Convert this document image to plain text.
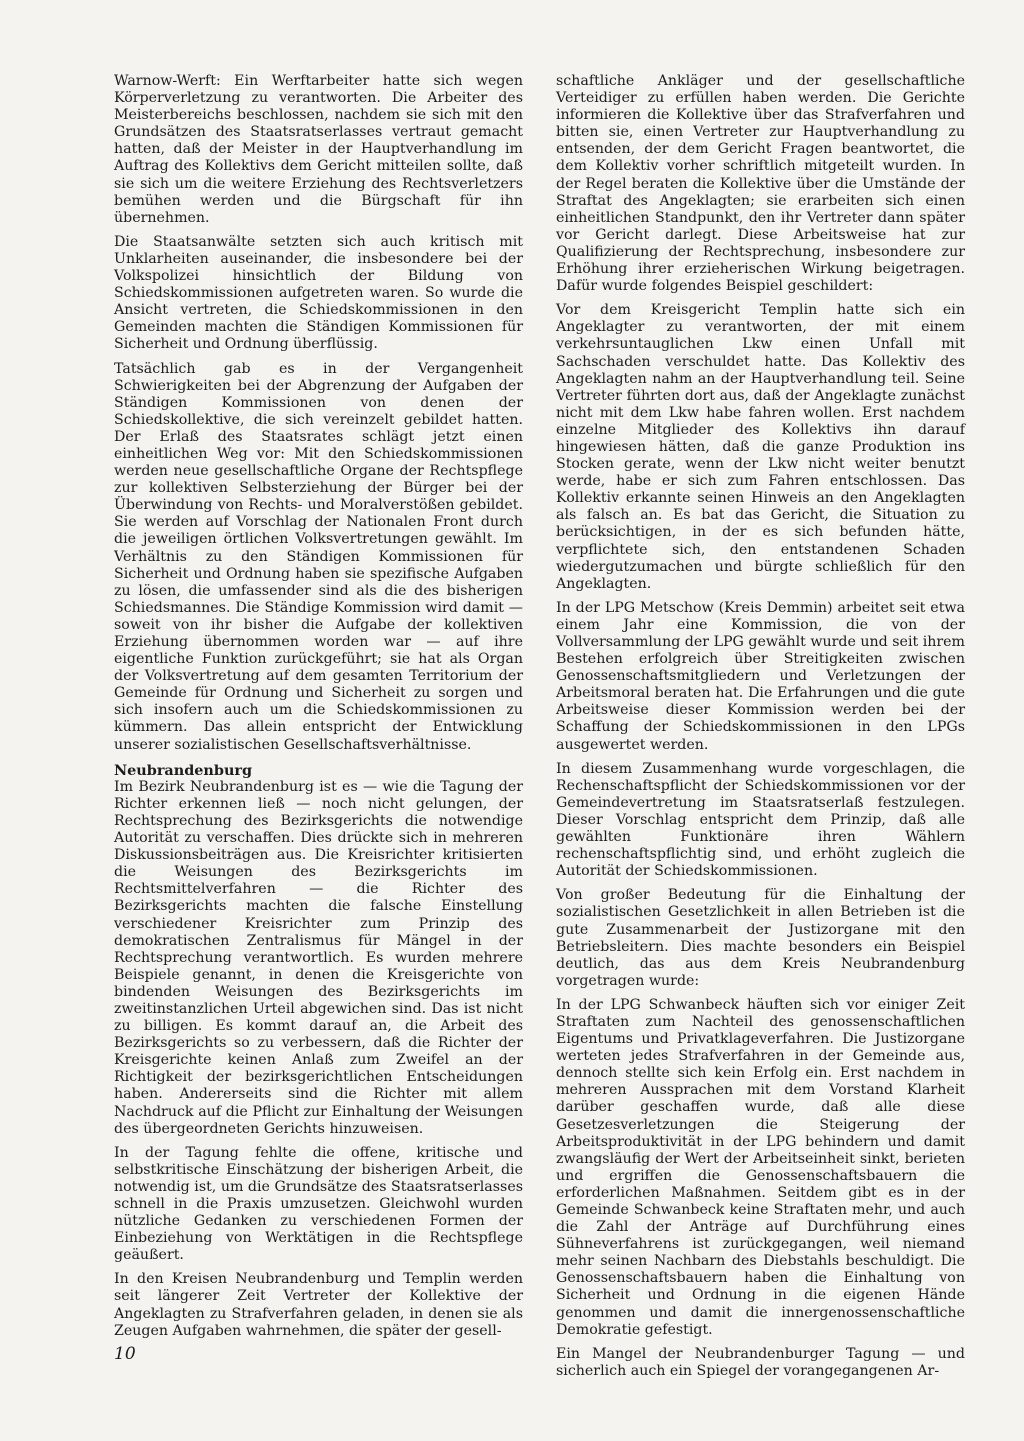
Warnow-Werft: Ein Werftarbeiter hatte sich wegen Körperverletzung zu verantworten. Die Arbeiter des Meisterbereichs beschlossen, nachdem sie sich mit den Grundsätzen des Staatsratserlasses vertraut gemacht hatten, daß der Meister in der Hauptverhandlung im Auftrag des Kollektivs dem Gericht mitteilen sollte, daß sie sich um die weitere Erziehung des Rechtsverletzers bemühen werden und die Bürgschaft für ihn übernehmen.

Die Staatsanwälte setzten sich auch kritisch mit Unklarheiten auseinander, die insbesondere bei der Volkspolizei hinsichtlich der Bildung von Schiedskommissionen aufgetreten waren. So wurde die Ansicht vertreten, die Schiedskommissionen in den Gemeinden machten die Ständigen Kommissionen für Sicherheit und Ordnung überflüssig.

Tatsächlich gab es in der Vergangenheit Schwierigkeiten bei der Abgrenzung der Aufgaben der Ständigen Kommissionen von denen der Schiedskollektive, die sich vereinzelt gebildet hatten. Der Erlaß des Staatsrates schlägt jetzt einen einheitlichen Weg vor: Mit den Schiedskommissionen werden neue gesellschaftliche Organe der Rechtspflege zur kollektiven Selbsterziehung der Bürger bei der Überwindung von Rechts- und Moralverstößen gebildet. Sie werden auf Vorschlag der Nationalen Front durch die jeweiligen örtlichen Volksvertretungen gewählt. Im Verhältnis zu den Ständigen Kommissionen für Sicherheit und Ordnung haben sie spezifische Aufgaben zu lösen, die umfassender sind als die des bisherigen Schiedsmannes. Die Ständige Kommission wird damit — soweit von ihr bisher die Aufgabe der kollektiven Erziehung übernommen worden war — auf ihre eigentliche Funktion zurückgeführt; sie hat als Organ der Volksvertretung auf dem gesamten Territorium der Gemeinde für Ordnung und Sicherheit zu sorgen und sich insofern auch um die Schiedskommissionen zu kümmern. Das allein entspricht der Entwicklung unserer sozialistischen Gesellschaftsverhältnisse.

Neubrandenburg

Im Bezirk Neubrandenburg ist es — wie die Tagung der Richter erkennen ließ — noch nicht gelungen, der Rechtsprechung des Bezirksgerichts die notwendige Autorität zu verschaffen. Dies drückte sich in mehreren Diskussionsbeiträgen aus. Die Kreisrichter kritisierten die Weisungen des Bezirksgerichts im Rechtsmittelverfahren — die Richter des Bezirksgerichts machten die falsche Einstellung verschiedener Kreisrichter zum Prinzip des demokratischen Zentralismus für Mängel in der Rechtsprechung verantwortlich. Es wurden mehrere Beispiele genannt, in denen die Kreisgerichte von bindenden Weisungen des Bezirksgerichts im zweitinstanzlichen Urteil abgewichen sind. Das ist nicht zu billigen. Es kommt darauf an, die Arbeit des Bezirksgerichts so zu verbessern, daß die Richter der Kreisgerichte keinen Anlaß zum Zweifel an der Richtigkeit der bezirksgerichtlichen Entscheidungen haben. Andererseits sind die Richter mit allem Nachdruck auf die Pflicht zur Einhaltung der Weisungen des übergeordneten Gerichts hinzuweisen.

In der Tagung fehlte die offene, kritische und selbstkritische Einschätzung der bisherigen Arbeit, die notwendig ist, um die Grundsätze des Staatsratserlasses schnell in die Praxis umzusetzen. Gleichwohl wurden nützliche Gedanken zu verschiedenen Formen der Einbeziehung von Werktätigen in die Rechtspflege geäußert.

In den Kreisen Neubrandenburg und Templin werden seit längerer Zeit Vertreter der Kollektive der Angeklagten zu Strafverfahren geladen, in denen sie als Zeugen Aufgaben wahrnehmen, die später der gesell-

schaftliche Ankläger und der gesellschaftliche Verteidiger zu erfüllen haben werden. Die Gerichte informieren die Kollektive über das Strafverfahren und bitten sie, einen Vertreter zur Hauptverhandlung zu entsenden, der dem Gericht Fragen beantwortet, die dem Kollektiv vorher schriftlich mitgeteilt wurden. In der Regel beraten die Kollektive über die Umstände der Straftat des Angeklagten; sie erarbeiten sich einen einheitlichen Standpunkt, den ihr Vertreter dann später vor Gericht darlegt. Diese Arbeitsweise hat zur Qualifizierung der Rechtsprechung, insbesondere zur Erhöhung ihrer erzieherischen Wirkung beigetragen. Dafür wurde folgendes Beispiel geschildert:

Vor dem Kreisgericht Templin hatte sich ein Angeklagter zu verantworten, der mit einem verkehrsuntauglichen Lkw einen Unfall mit Sachschaden verschuldet hatte. Das Kollektiv des Angeklagten nahm an der Hauptverhandlung teil. Seine Vertreter führten dort aus, daß der Angeklagte zunächst nicht mit dem Lkw habe fahren wollen. Erst nachdem einzelne Mitglieder des Kollektivs ihn darauf hingewiesen hätten, daß die ganze Produktion ins Stocken gerate, wenn der Lkw nicht weiter benutzt werde, habe er sich zum Fahren entschlossen. Das Kollektiv erkannte seinen Hinweis an den Angeklagten als falsch an. Es bat das Gericht, die Situation zu berücksichtigen, in der es sich befunden hätte, verpflichtete sich, den entstandenen Schaden wiedergutzumachen und bürgte schließlich für den Angeklagten.

In der LPG Metschow (Kreis Demmin) arbeitet seit etwa einem Jahr eine Kommission, die von der Vollversammlung der LPG gewählt wurde und seit ihrem Bestehen erfolgreich über Streitigkeiten zwischen Genossenschaftsmitgliedern und Verletzungen der Arbeitsmoral beraten hat. Die Erfahrungen und die gute Arbeitsweise dieser Kommission werden bei der Schaffung der Schiedskommissionen in den LPGs ausgewertet werden.

In diesem Zusammenhang wurde vorgeschlagen, die Rechenschaftspflicht der Schiedskommissionen vor der Gemeindevertretung im Staatsratserlaß festzulegen. Dieser Vorschlag entspricht dem Prinzip, daß alle gewählten Funktionäre ihren Wählern rechenschaftspflichtig sind, und erhöht zugleich die Autorität der Schiedskommissionen.

Von großer Bedeutung für die Einhaltung der sozialistischen Gesetzlichkeit in allen Betrieben ist die gute Zusammenarbeit der Justizorgane mit den Betriebsleitern. Dies machte besonders ein Beispiel deutlich, das aus dem Kreis Neubrandenburg vorgetragen wurde:

In der LPG Schwanbeck häuften sich vor einiger Zeit Straftaten zum Nachteil des genossenschaftlichen Eigentums und Privatklageverfahren. Die Justizorgane werteten jedes Strafverfahren in der Gemeinde aus, dennoch stellte sich kein Erfolg ein. Erst nachdem in mehreren Aussprachen mit dem Vorstand Klarheit darüber geschaffen wurde, daß alle diese Gesetzesverletzungen die Steigerung der Arbeitsproduktivität in der LPG behindern und damit zwangsläufig der Wert der Arbeitseinheit sinkt, berieten und ergriffen die Genossenschaftsbauern die erforderlichen Maßnahmen. Seitdem gibt es in der Gemeinde Schwanbeck keine Straftaten mehr, und auch die Zahl der Anträge auf Durchführung eines Sühneverfahrens ist zurückgegangen, weil niemand mehr seinen Nachbarn des Diebstahls beschuldigt. Die Genossenschaftsbauern haben die Einhaltung von Sicherheit und Ordnung in die eigenen Hände genommen und damit die innergenossenschaftliche Demokratie gefestigt.

Ein Mangel der Neubrandenburger Tagung — und sicherlich auch ein Spiegel der vorangegangenen Ar-

10
